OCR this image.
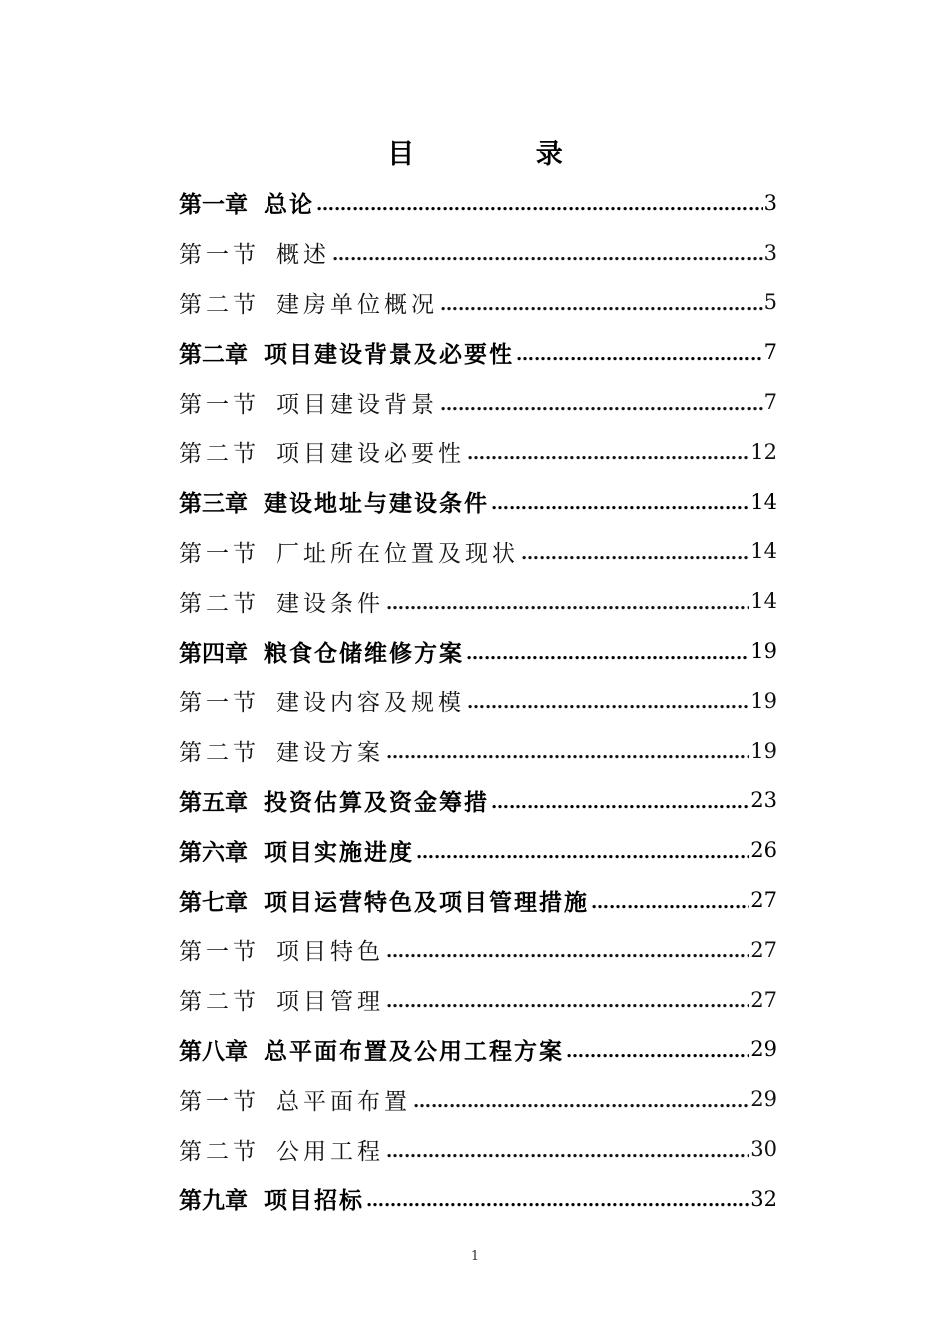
目 录
第一章 总论 …………………………………………………………………………………………………………………………	3
第一节 概述 …………………………………………………………………………………………………………………………	3
第二节 建房单位概况 …………………………………………………………………………………………………………………………	5
第二章 项目建设背景及必要性 …………………………………………………………………………………………………………………………	7
第一节 项目建设背景 …………………………………………………………………………………………………………………………	7
第二节 项目建设必要性 …………………………………………………………………………………………………………………………	12
第三章 建设地址与建设条件 …………………………………………………………………………………………………………………………	14
第一节 厂址所在位置及现状 …………………………………………………………………………………………………………………………	14
第二节 建设条件 …………………………………………………………………………………………………………………………	14
第四章 粮食仓储维修方案 …………………………………………………………………………………………………………………………	19
第一节 建设内容及规模 …………………………………………………………………………………………………………………………	19
第二节 建设方案 …………………………………………………………………………………………………………………………	19
第五章 投资估算及资金筹措 …………………………………………………………………………………………………………………………	23
第六章 项目实施进度 …………………………………………………………………………………………………………………………	26
第七章 项目运营特色及项目管理措施 …………………………………………………………………………………………………………………………	27
第一节 项目特色 …………………………………………………………………………………………………………………………	27
第二节 项目管理 …………………………………………………………………………………………………………………………	27
第八章 总平面布置及公用工程方案 …………………………………………………………………………………………………………………………	29
第一节 总平面布置 …………………………………………………………………………………………………………………………	29
第二节 公用工程 …………………………………………………………………………………………………………………………	30
第九章 项目招标 …………………………………………………………………………………………………………………………	32
1
